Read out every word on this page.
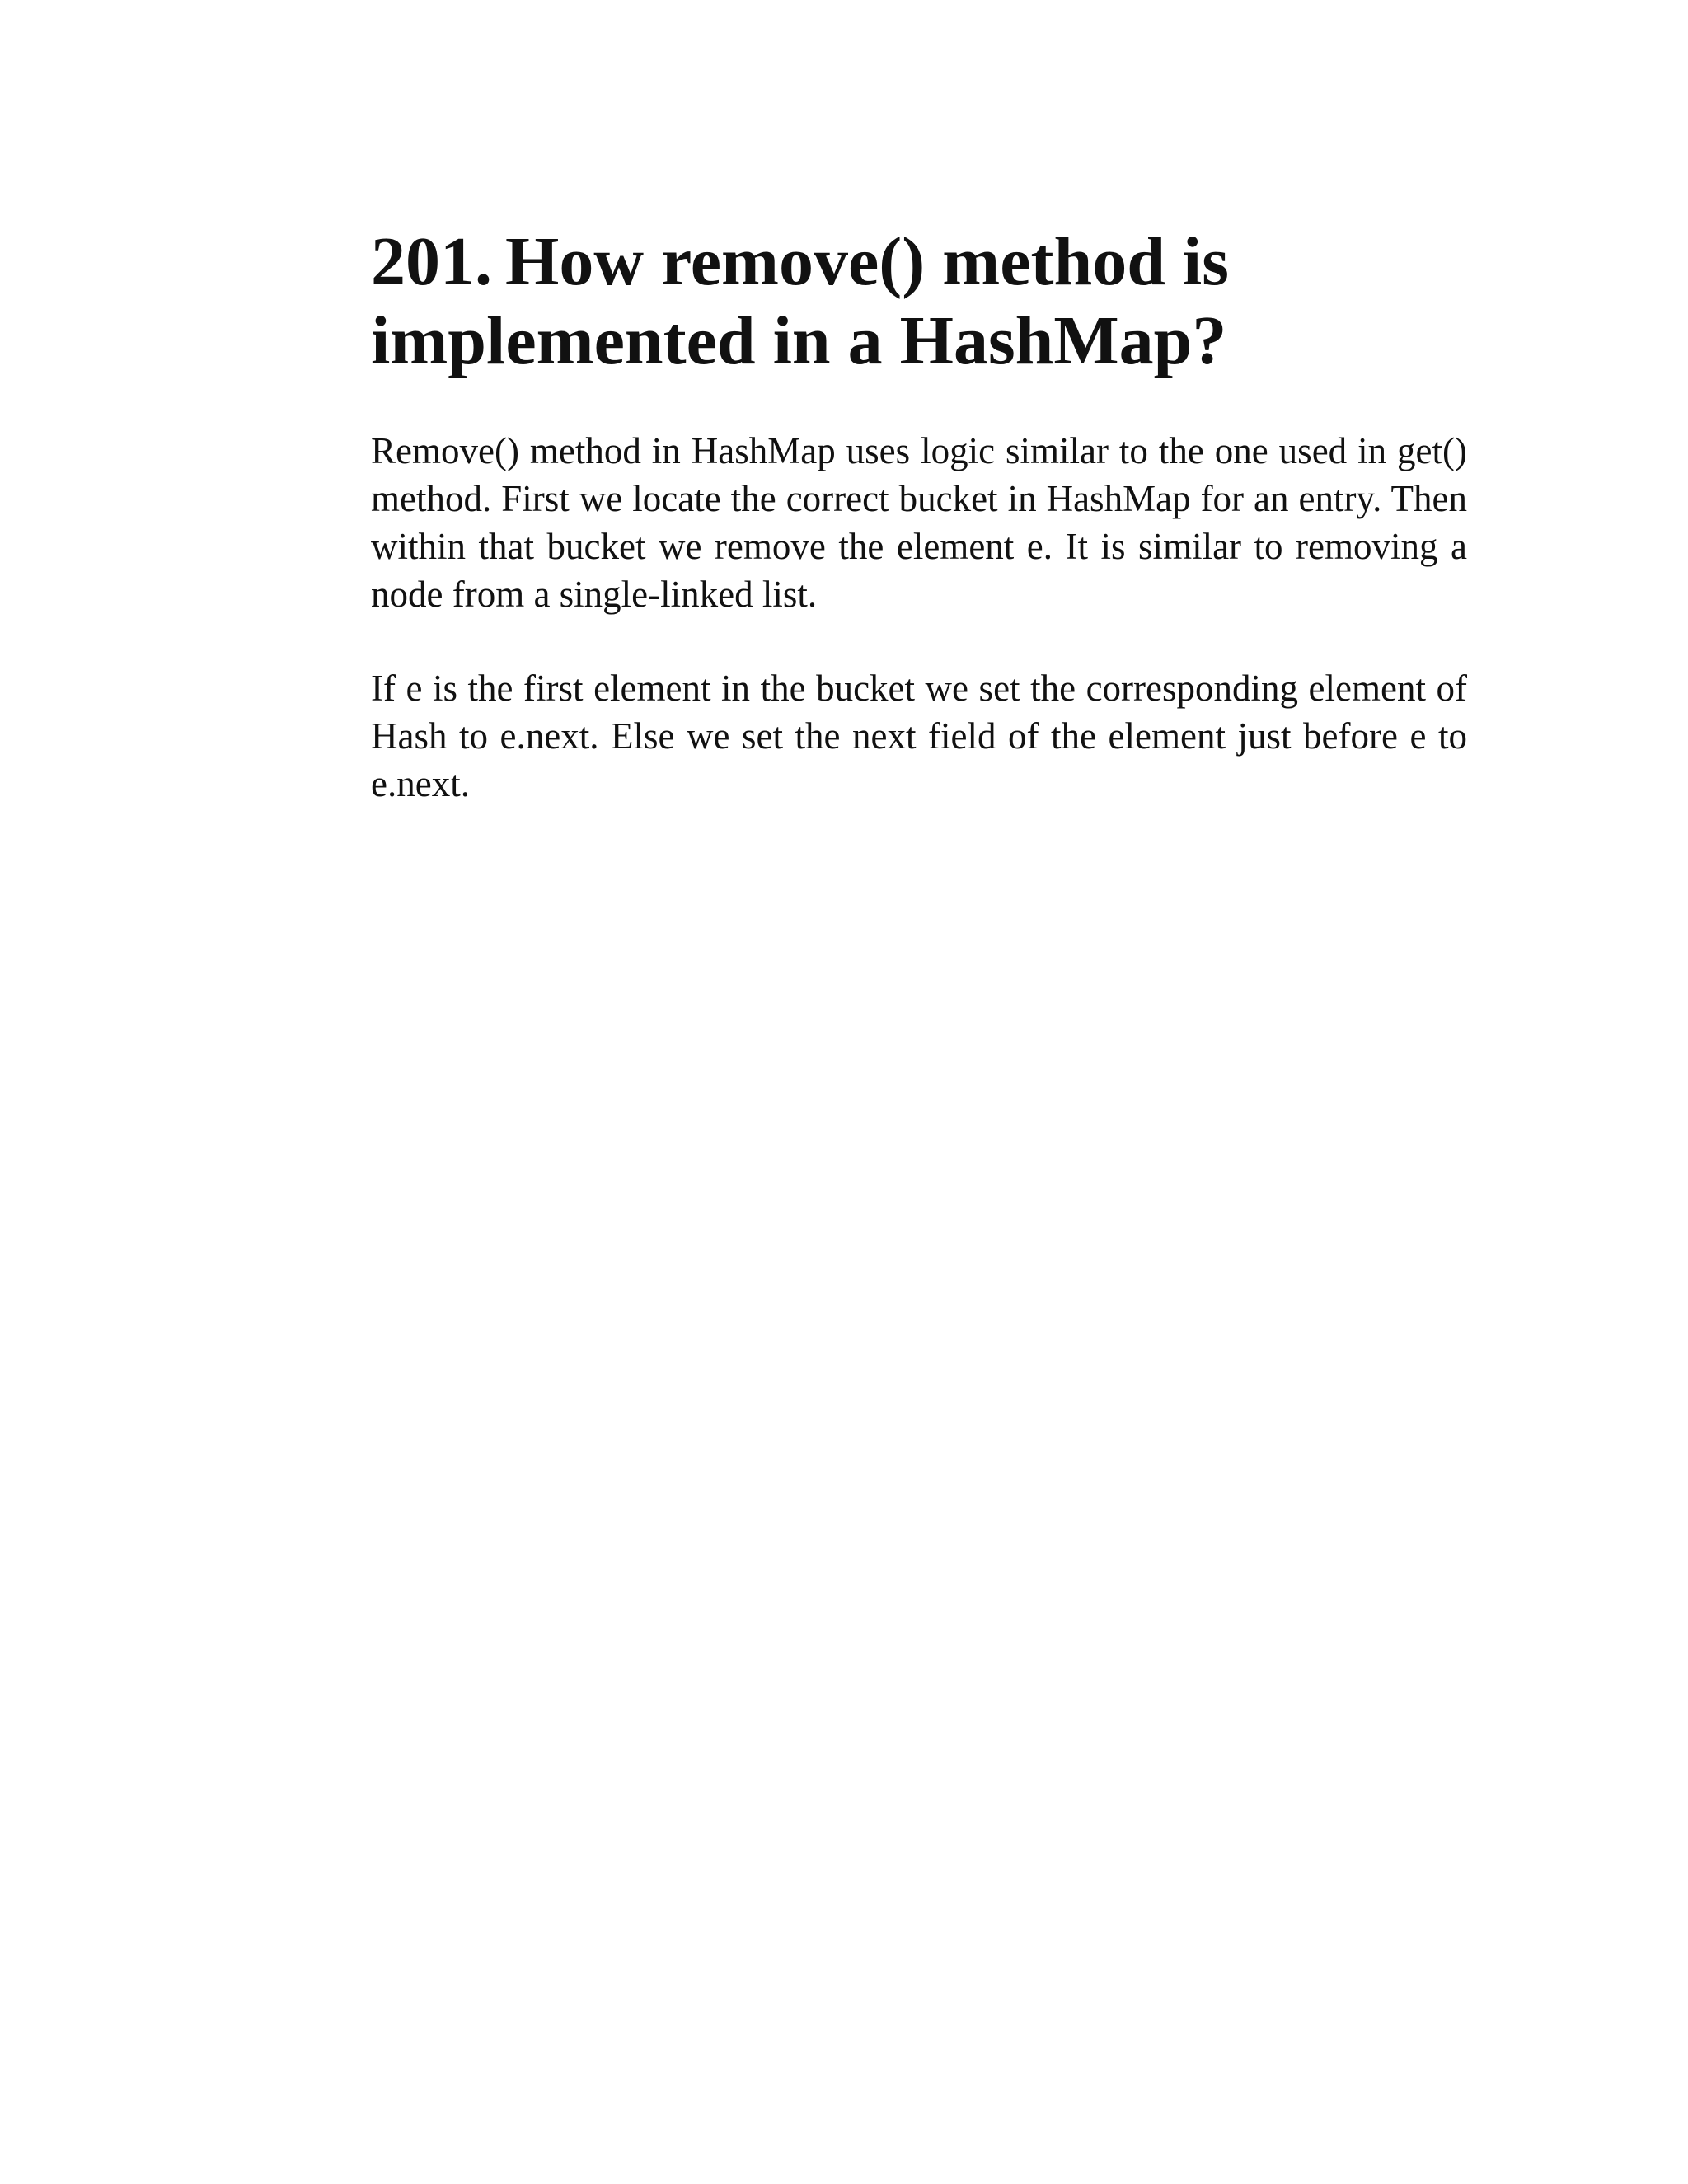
201. How remove() method is implemented in a HashMap?

Remove() method in HashMap uses logic similar to the one used in get() method. First we locate the correct bucket in HashMap for an entry. Then within that bucket we remove the element e. It is similar to removing a node from a single-linked list.

If e is the first element in the bucket we set the corresponding element of Hash to e.next. Else we set the next field of the element just before e to e.next.
